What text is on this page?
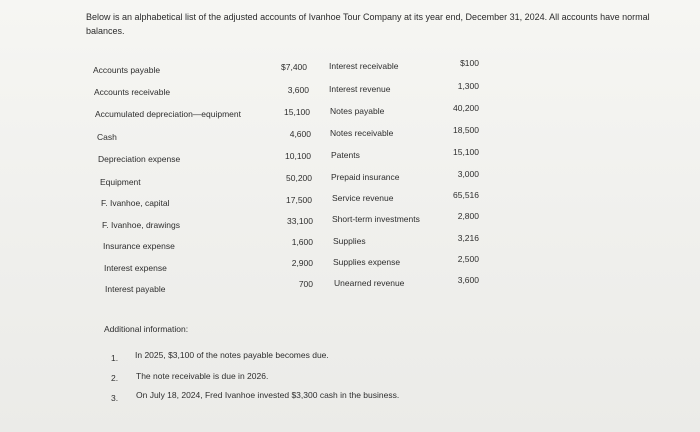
Below is an alphabetical list of the adjusted accounts of Ivanhoe Tour Company at its year end, December 31, 2024. All accounts have normal balances.
Accounts payable	$7,400
Accounts receivable	3,600
Accumulated depreciation—equipment	15,100
Cash	4,600
Depreciation expense	10,100
Equipment	50,200
F. Ivanhoe, capital	17,500
F. Ivanhoe, drawings	33,100
Insurance expense	1,600
Interest expense	2,900
Interest payable	700
Interest receivable	$100
Interest revenue	1,300
Notes payable	40,200
Notes receivable	18,500
Patents	15,100
Prepaid insurance	3,000
Service revenue	65,516
Short-term investments	2,800
Supplies	3,216
Supplies expense	2,500
Unearned revenue	3,600
Additional information:
1.	In 2025, $3,100 of the notes payable becomes due.
2.	The note receivable is due in 2026.
3.	On July 18, 2024, Fred Ivanhoe invested $3,300 cash in the business.
